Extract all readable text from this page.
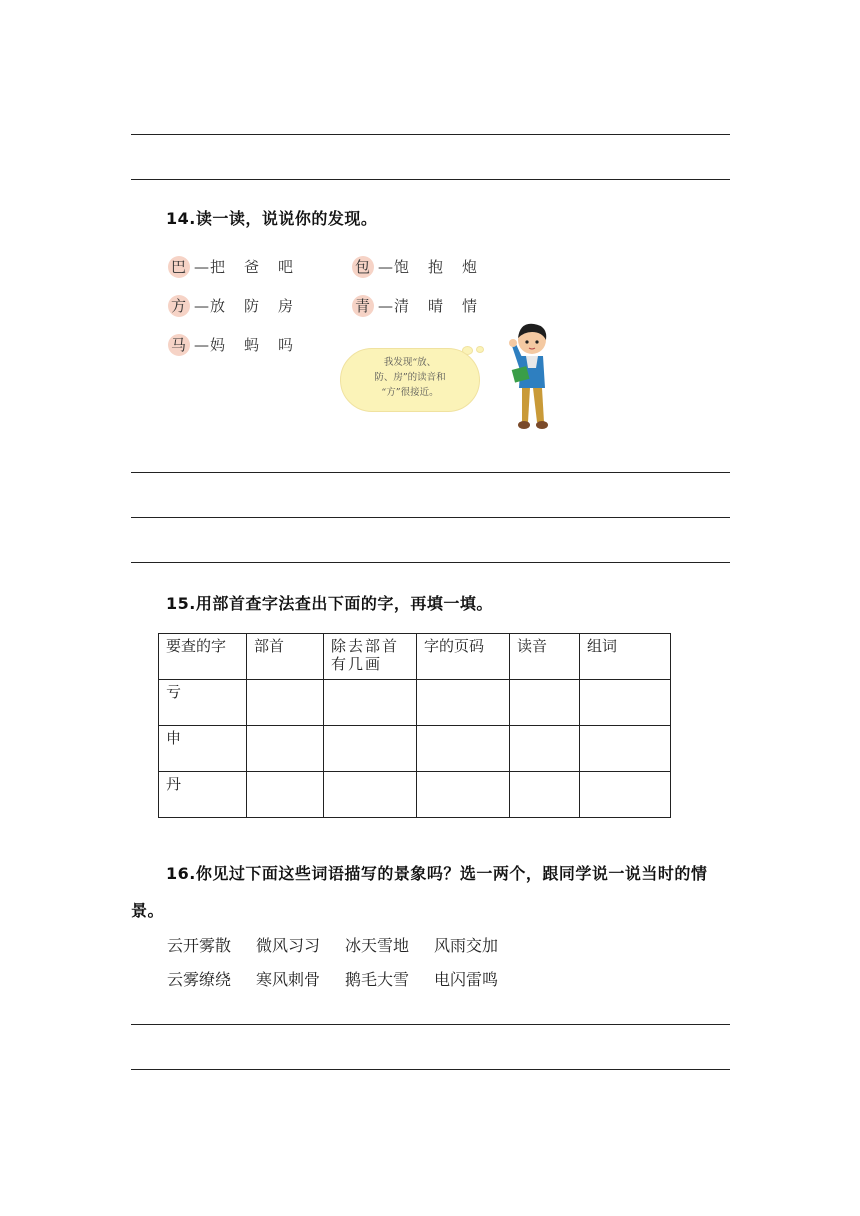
14.读一读，说说你的发现。
巴 —把 爸 吧	包 —饱 抱 炮
方 —放 防 房	青 —清 晴 情
马 —妈 蚂 吗
我发现“放、
防、房”的读音和
“方”很接近。
15.用部首查字法查出下面的字，再填一填。
要查的字	部首	除去部首有几画	字的页码	读音	组词
亏					
申					
丹					
16.你见过下面这些词语描写的景象吗？选一两个，跟同学说一说当时的情
景。
云开雾散 微风习习 冰天雪地 风雨交加
云雾缭绕 寒风刺骨 鹅毛大雪 电闪雷鸣
